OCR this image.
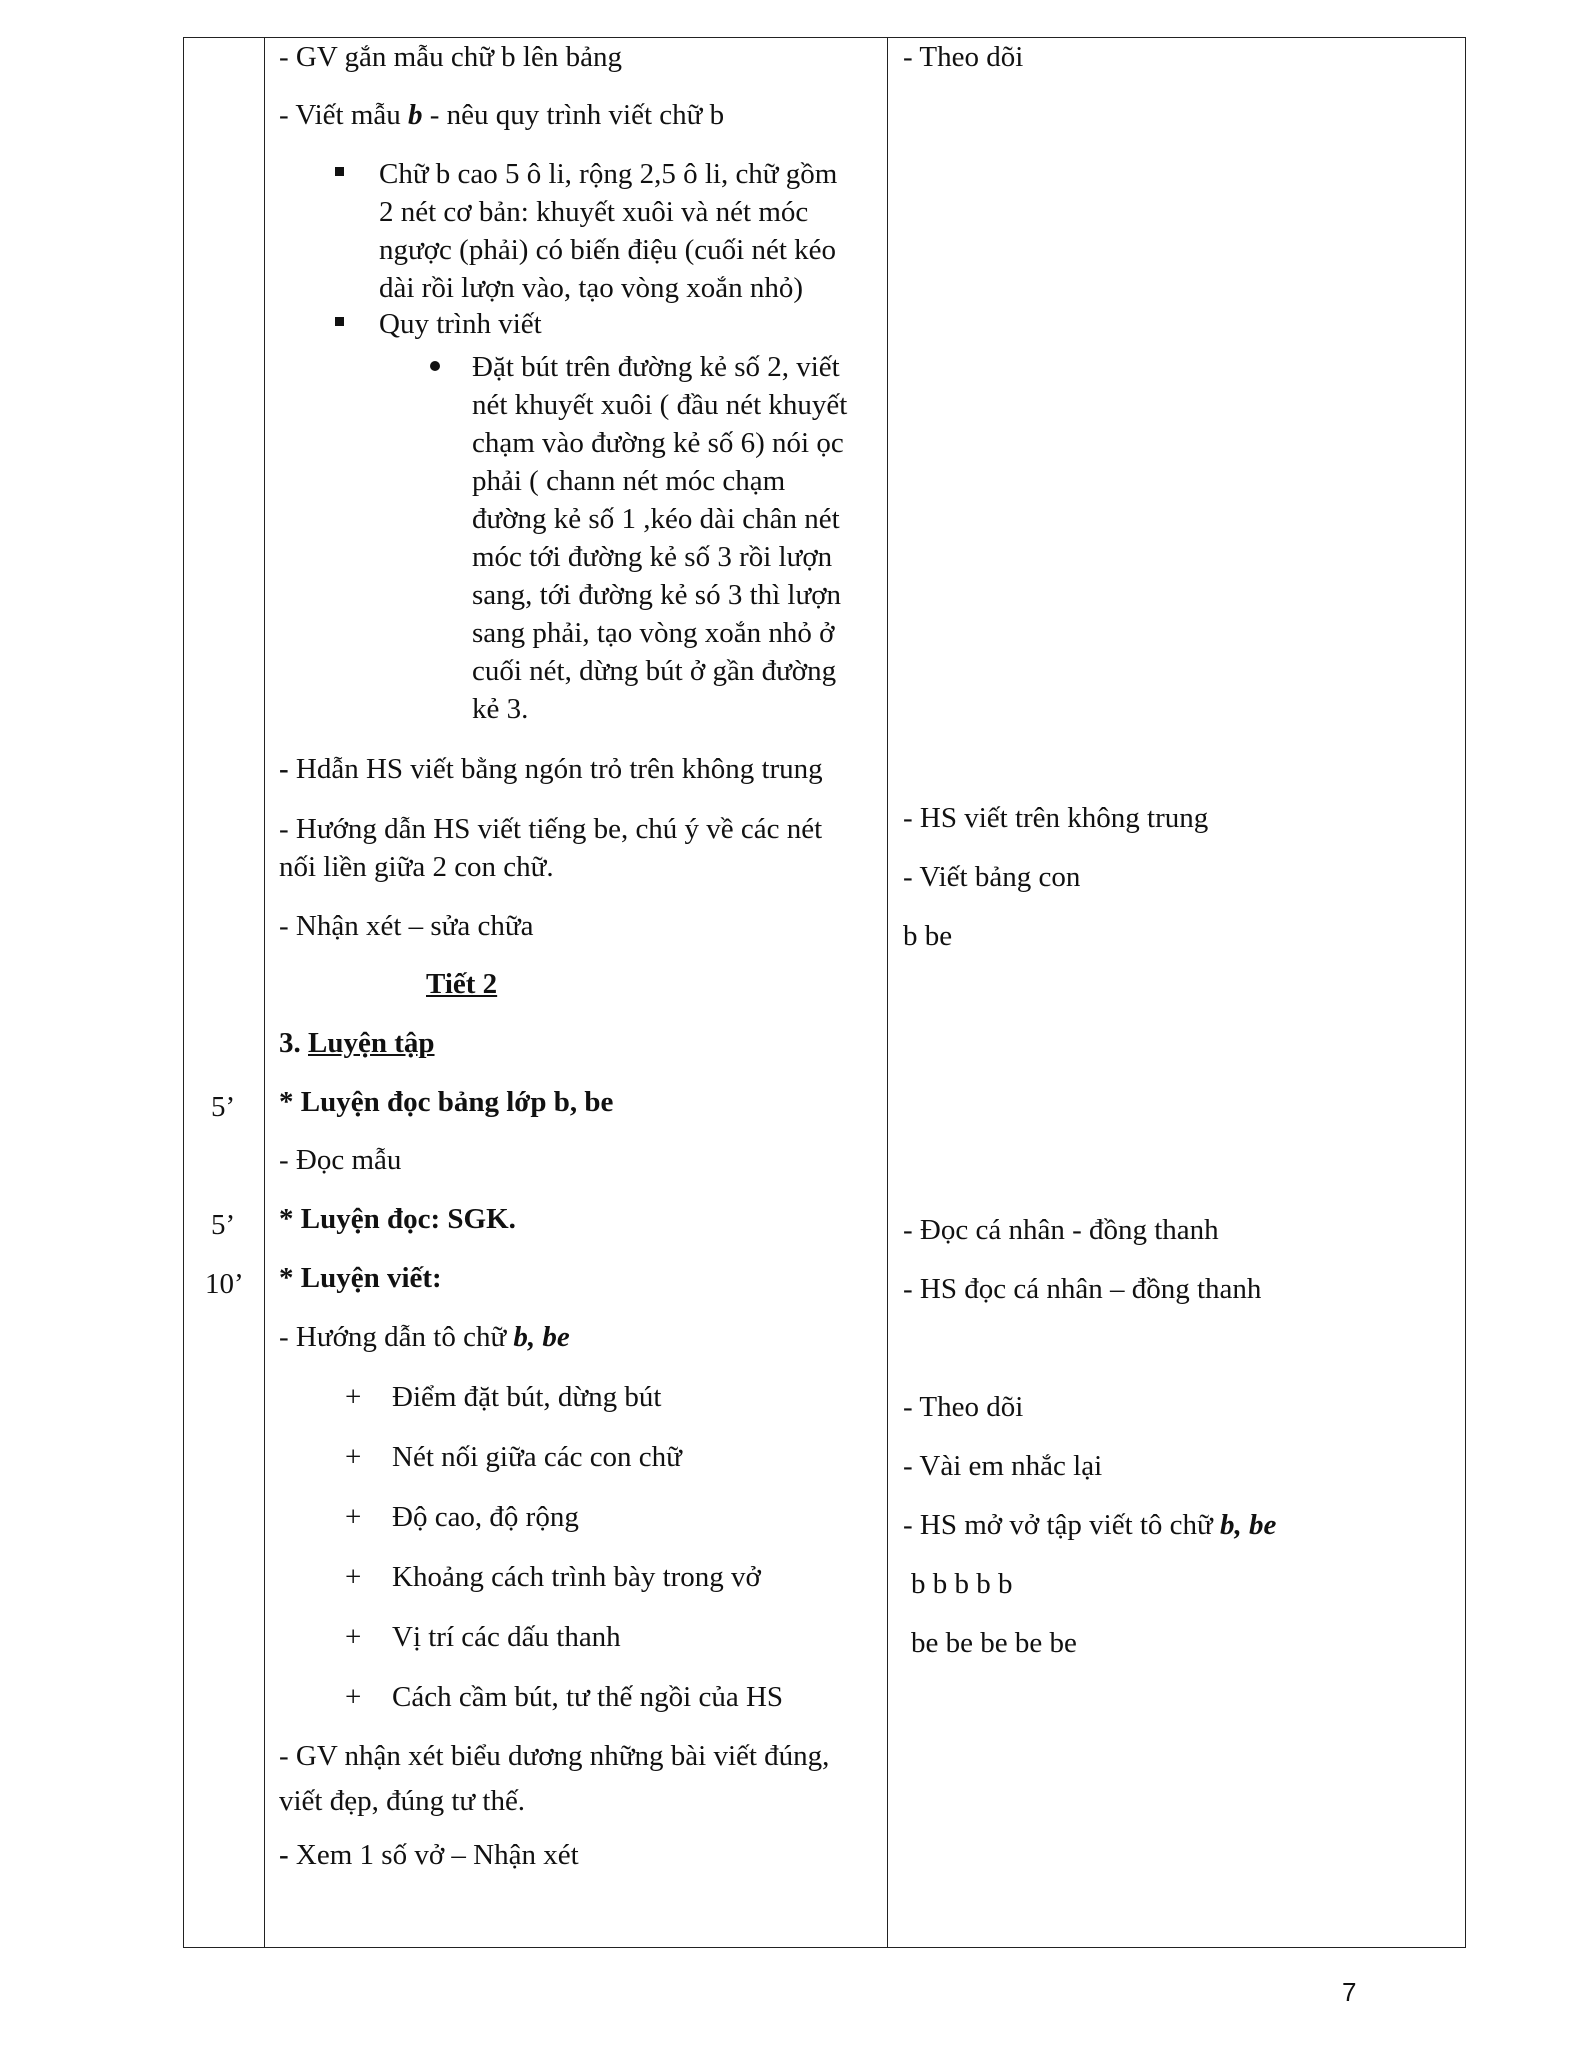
5’
5’
10’
- GV gắn mẫu chữ b lên bảng
- Viết mẫu b - nêu quy trình viết chữ b
Chữ b cao 5 ô li, rộng 2,5 ô li, chữ gồm
2 nét cơ bản: khuyết xuôi và nét móc
ngược (phải) có biến điệu (cuối nét kéo
dài rồi lượn vào, tạo vòng xoắn nhỏ)
Quy trình viết
Đặt bút trên đường kẻ số 2, viết
nét khuyết xuôi ( đầu nét khuyết
chạm vào đường kẻ số 6) nói ọc
phải ( chann nét móc chạm
đường kẻ số 1 ,kéo dài chân nét
móc tới đường kẻ số 3 rồi lượn
sang, tới đường kẻ só 3 thì lượn
sang phải, tạo vòng xoắn nhỏ ở
cuối nét, dừng bút ở gần đường
kẻ 3.
- Hdẫn HS viết bằng ngón trỏ trên không trung
- Hướng dẫn HS viết tiếng be, chú ý về các nét
nối liền giữa 2 con chữ.
- Nhận xét – sửa chữa
Tiết 2
3. Luyện tập
* Luyện đọc bảng lớp b, be
- Đọc mẫu
* Luyện đọc: SGK.
* Luyện viết:
- Hướng dẫn tô chữ b, be
+ Điểm đặt bút, dừng bút
+ Nét nối giữa các con chữ
+ Độ cao, độ rộng
+ Khoảng cách trình bày trong vở
+ Vị trí các dấu thanh
+ Cách cầm bút, tư thế ngồi của HS
- GV nhận xét biểu dương những bài viết đúng,
viết đẹp, đúng tư thế.
- Xem 1 số vở – Nhận xét
- Theo dõi
- HS viết trên không trung
- Viết bảng con
b be
- Đọc cá nhân - đồng thanh
- HS đọc cá nhân – đồng thanh
- Theo dõi
- Vài em nhắc lại
- HS mở vở tập viết tô chữ b, be
b b b b b
be be be be be
7
